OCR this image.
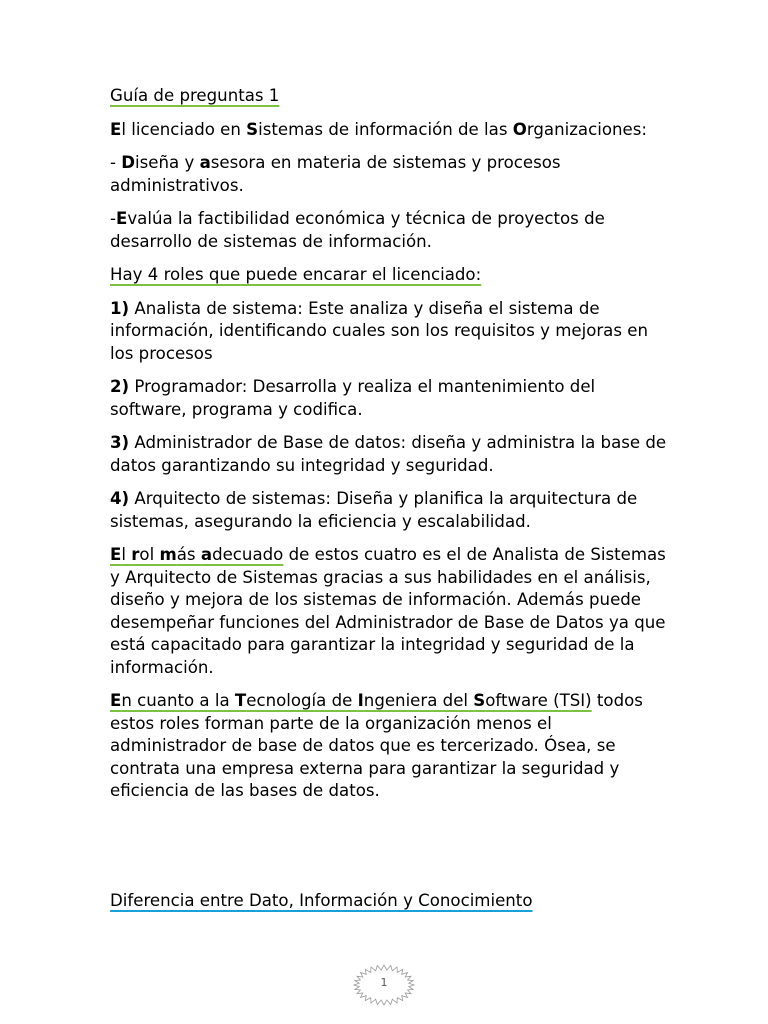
Guía de preguntas 1

El licenciado en Sistemas de información de las Organizaciones:

- Diseña y asesora en materia de sistemas y procesos administrativos.

-Evalúa la factibilidad económica y técnica de proyectos de desarrollo de sistemas de información.

Hay 4 roles que puede encarar el licenciado:

1) Analista de sistema: Este analiza y diseña el sistema de información, identificando cuales son los requisitos y mejoras en los procesos

2) Programador: Desarrolla y realiza el mantenimiento del software, programa y codifica.

3) Administrador de Base de datos: diseña y administra la base de datos garantizando su integridad y seguridad.

4) Arquitecto de sistemas: Diseña y planifica la arquitectura de sistemas, asegurando la eficiencia y escalabilidad.

El rol más adecuado de estos cuatro es el de Analista de Sistemas y Arquitecto de Sistemas gracias a sus habilidades en el análisis, diseño y mejora de los sistemas de información. Además puede desempeñar funciones del Administrador de Base de Datos ya que está capacitado para garantizar la integridad y seguridad de la información.

En cuanto a la Tecnología de Ingeniera del Software (TSI) todos estos roles forman parte de la organización menos el administrador de base de datos que es tercerizado. Ósea, se contrata una empresa externa para garantizar la seguridad y eficiencia de las bases de datos.

Diferencia entre Dato, Información y Conocimiento

1
